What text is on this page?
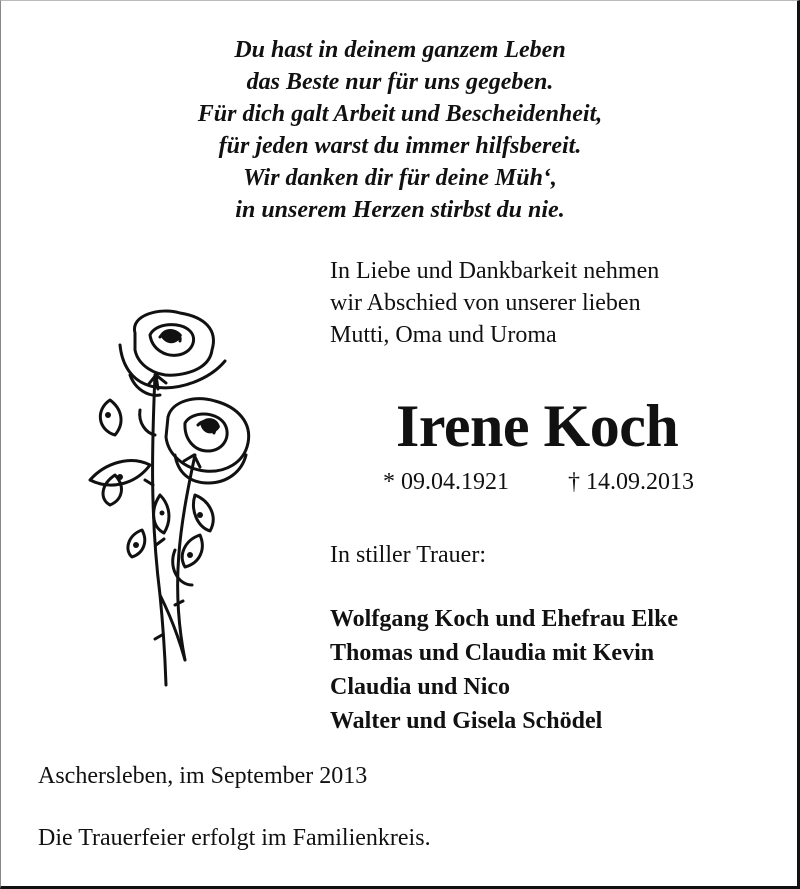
Du hast in deinem ganzem Leben
das Beste nur für uns gegeben.
Für dich galt Arbeit und Bescheidenheit,
für jeden warst du immer hilfsbereit.
Wir danken dir für deine Müh‘,
in unserem Herzen stirbst du nie.
In Liebe und Dankbarkeit nehmen
wir Abschied von unserer lieben
Mutti, Oma und Uroma
Irene Koch
* 09.04.1921 † 14.09.2013
In stiller Trauer:
Wolfgang Koch und Ehefrau Elke
Thomas und Claudia mit Kevin
Claudia und Nico
Walter und Gisela Schödel
Aschersleben, im September 2013
Die Trauerfeier erfolgt im Familienkreis.
